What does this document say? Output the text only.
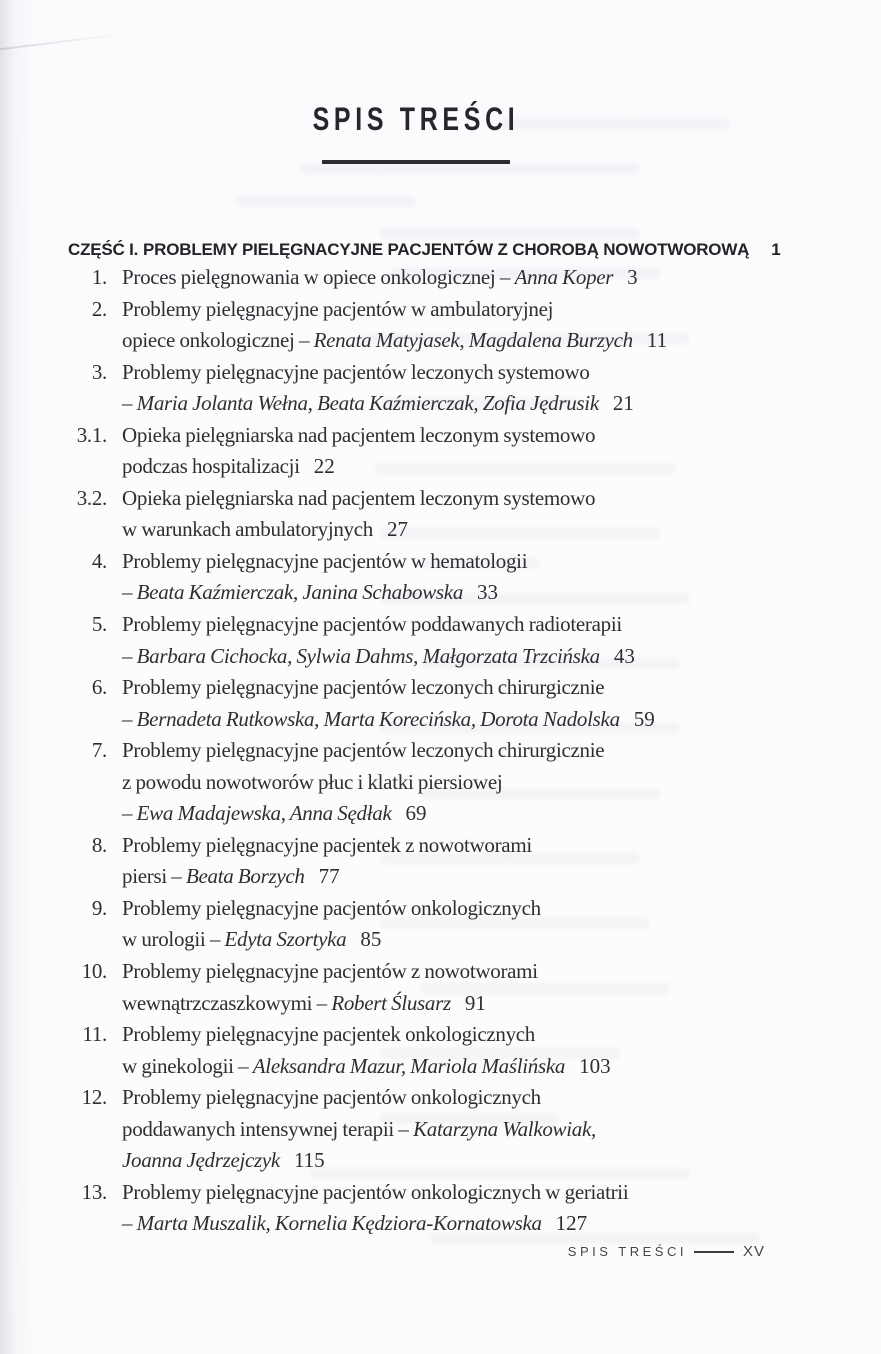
SPIS TREŚCI
CZĘŚĆ I. PROBLEMY PIELĘGNACYJNE PACJENTÓW Z CHOROBĄ NOWOTWOROWĄ 1
1. Proces pielęgnowania w opiece onkologicznej – Anna Koper 3
2. Problemy pielęgnacyjne pacjentów w ambulatoryjnej
opiece onkologicznej – Renata Matyjasek, Magdalena Burzych 11
3. Problemy pielęgnacyjne pacjentów leczonych systemowo
– Maria Jolanta Wełna, Beata Kaźmierczak, Zofia Jędrusik 21
3.1. Opieka pielęgniarska nad pacjentem leczonym systemowo
podczas hospitalizacji 22
3.2. Opieka pielęgniarska nad pacjentem leczonym systemowo
w warunkach ambulatoryjnych 27
4. Problemy pielęgnacyjne pacjentów w hematologii
– Beata Kaźmierczak, Janina Schabowska 33
5. Problemy pielęgnacyjne pacjentów poddawanych radioterapii
– Barbara Cichocka, Sylwia Dahms, Małgorzata Trzcińska 43
6. Problemy pielęgnacyjne pacjentów leczonych chirurgicznie
– Bernadeta Rutkowska, Marta Korecińska, Dorota Nadolska 59
7. Problemy pielęgnacyjne pacjentów leczonych chirurgicznie
z powodu nowotworów płuc i klatki piersiowej
– Ewa Madajewska, Anna Sędłak 69
8. Problemy pielęgnacyjne pacjentek z nowotworami
piersi – Beata Borzych 77
9. Problemy pielęgnacyjne pacjentów onkologicznych
w urologii – Edyta Szortyka 85
10. Problemy pielęgnacyjne pacjentów z nowotworami
wewnątrzczaszkowymi – Robert Ślusarz 91
11. Problemy pielęgnacyjne pacjentek onkologicznych
w ginekologii – Aleksandra Mazur, Mariola Maślińska 103
12. Problemy pielęgnacyjne pacjentów onkologicznych
poddawanych intensywnej terapii – Katarzyna Walkowiak,
Joanna Jędrzejczyk 115
13. Problemy pielęgnacyjne pacjentów onkologicznych w geriatrii
– Marta Muszalik, Kornelia Kędziora-Kornatowska 127
SPIS TREŚCI	XV
